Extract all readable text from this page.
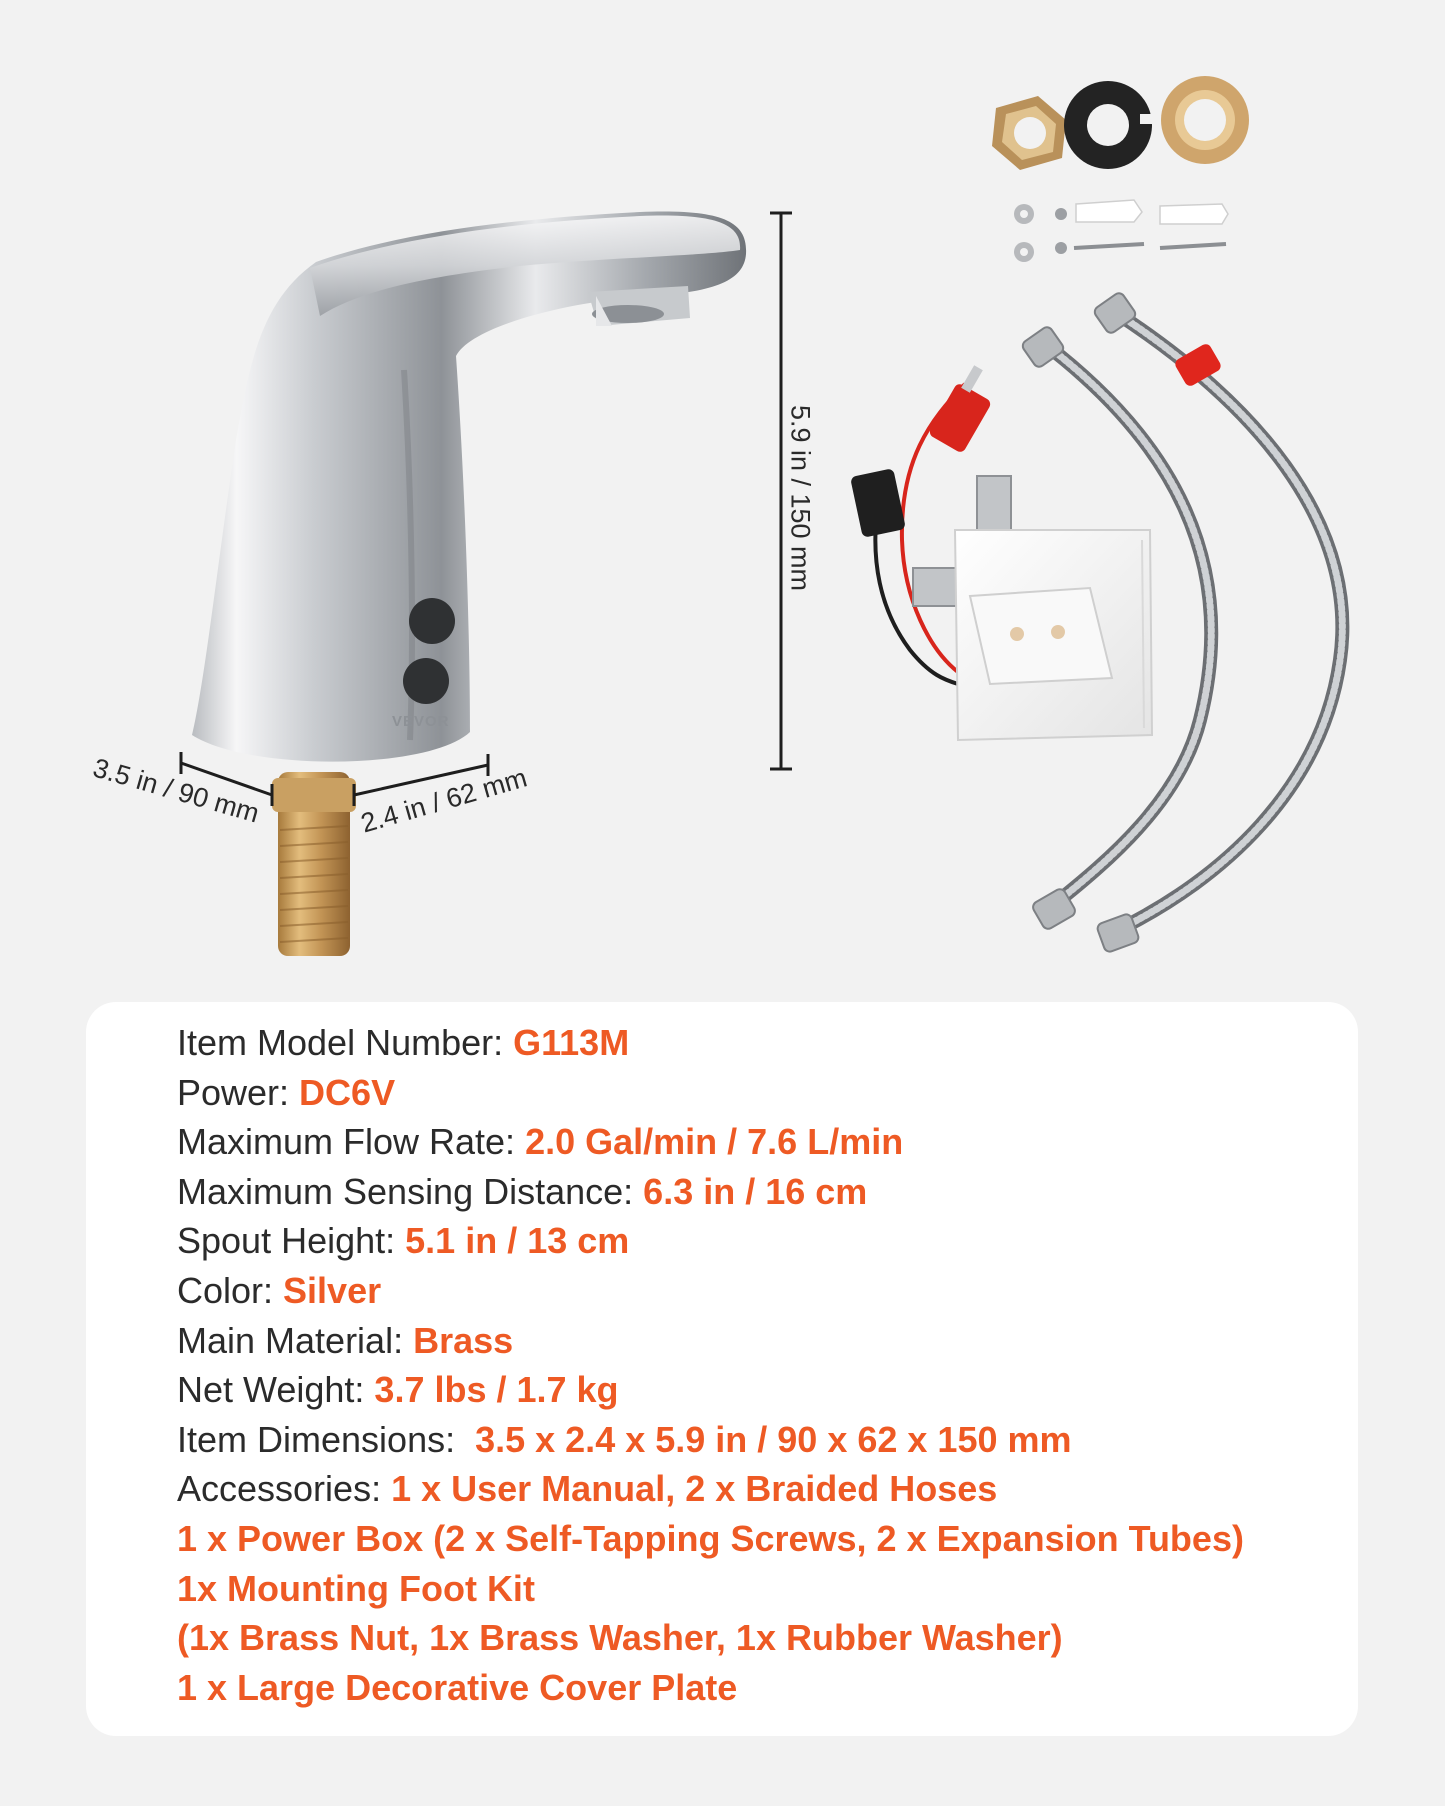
5.9 in / 150 mm
3.5 in / 90 mm	2.4 in / 62 mm
VEVOR
Item Model Number: G113M
Power: DC6V
Maximum Flow Rate: 2.0 Gal/min / 7.6 L/min
Maximum Sensing Distance: 6.3 in / 16 cm
Spout Height: 5.1 in / 13 cm
Color: Silver
Main Material: Brass
Net Weight: 3.7 lbs / 1.7 kg
Item Dimensions:  3.5 x 2.4 x 5.9 in / 90 x 62 x 150 mm
Accessories: 1 x User Manual, 2 x Braided Hoses
1 x Power Box (2 x Self-Tapping Screws, 2 x Expansion Tubes)
1x Mounting Foot Kit
(1x Brass Nut, 1x Brass Washer, 1x Rubber Washer)
1 x Large Decorative Cover Plate
